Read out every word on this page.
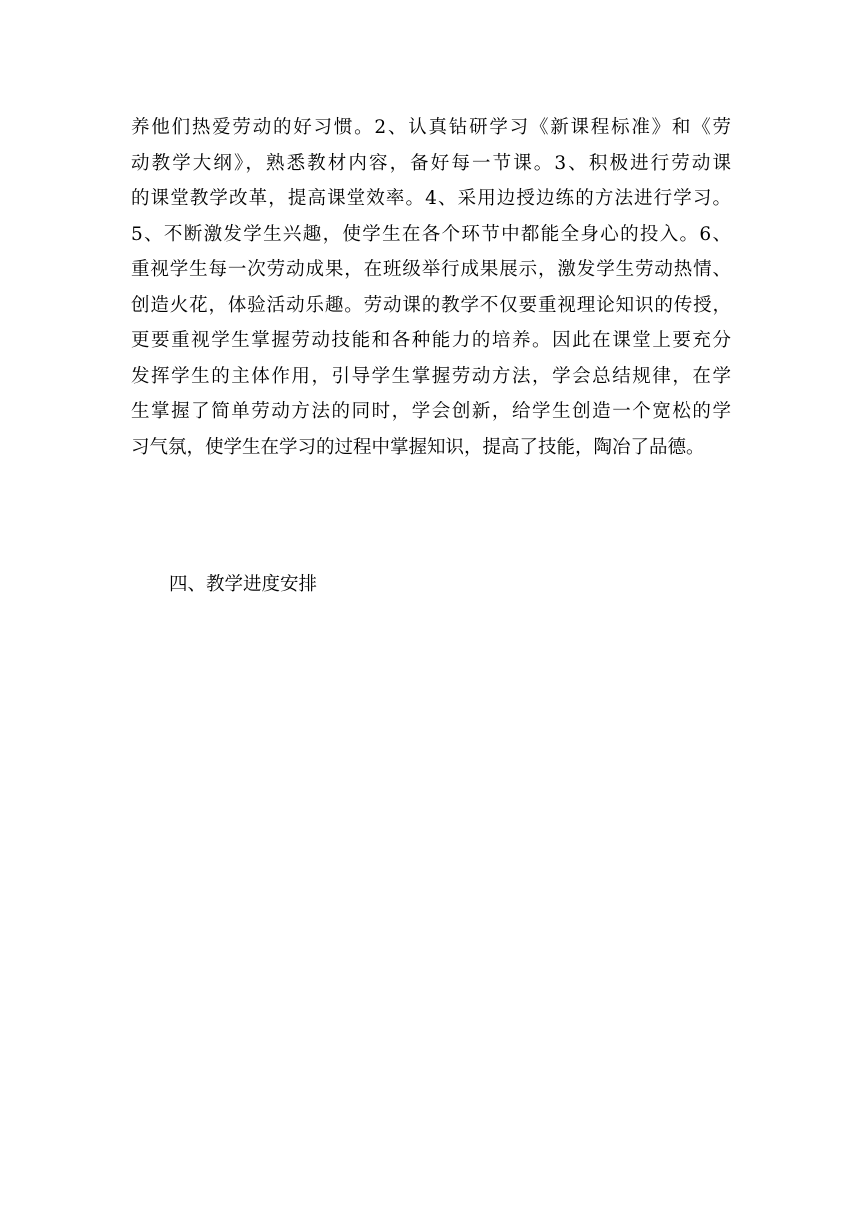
养他们热爱劳动的好习惯。2、认真钻研学习《新课程标准》和《劳
动教学大纲》，熟悉教材内容，备好每一节课。3、积极进行劳动课
的课堂教学改革，提高课堂效率。4、采用边授边练的方法进行学习。
5、不断激发学生兴趣，使学生在各个环节中都能全身心的投入。6、
重视学生每一次劳动成果，在班级举行成果展示，激发学生劳动热情、
创造火花，体验活动乐趣。劳动课的教学不仅要重视理论知识的传授，
更要重视学生掌握劳动技能和各种能力的培养。因此在课堂上要充分
发挥学生的主体作用，引导学生掌握劳动方法，学会总结规律，在学
生掌握了简单劳动方法的同时，学会创新，给学生创造一个宽松的学
习气氛，使学生在学习的过程中掌握知识，提高了技能，陶冶了品德。
四、教学进度安排
